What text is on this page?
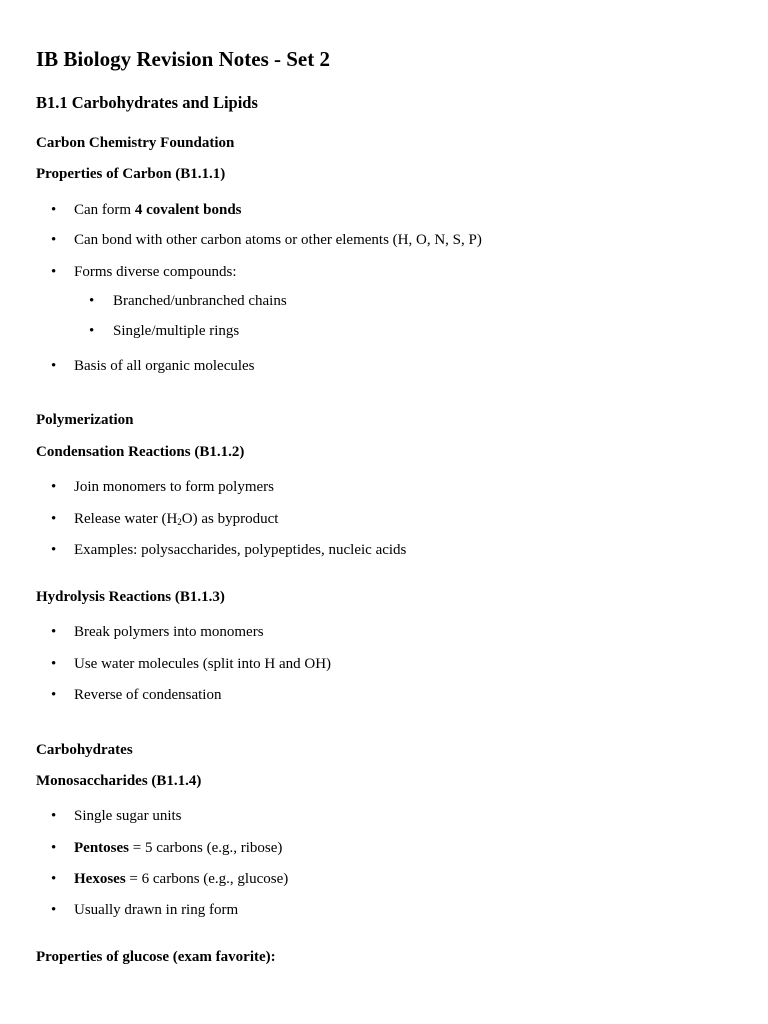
IB Biology Revision Notes - Set 2
B1.1 Carbohydrates and Lipids
Carbon Chemistry Foundation
Properties of Carbon (B1.1.1)
• Can form 4 covalent bonds
• Can bond with other carbon atoms or other elements (H, O, N, S, P)
• Forms diverse compounds:
• Branched/unbranched chains
• Single/multiple rings
• Basis of all organic molecules
Polymerization
Condensation Reactions (B1.1.2)
• Join monomers to form polymers
• Release water $(H_2O)$ as byproduct
• Examples: polysaccharides, polypeptides, nucleic acids
Hydrolysis Reactions (B1.1.3)
• Break polymers into monomers
• Use water molecules (split into H and OH)
• Reverse of condensation
Carbohydrates
Monosaccharides (B1.1.4)
• Single sugar units
• Pentoses = 5 carbons (e.g., ribose)
• Hexoses = 6 carbons (e.g., glucose)
• Usually drawn in ring form
Properties of glucose (exam favorite):
